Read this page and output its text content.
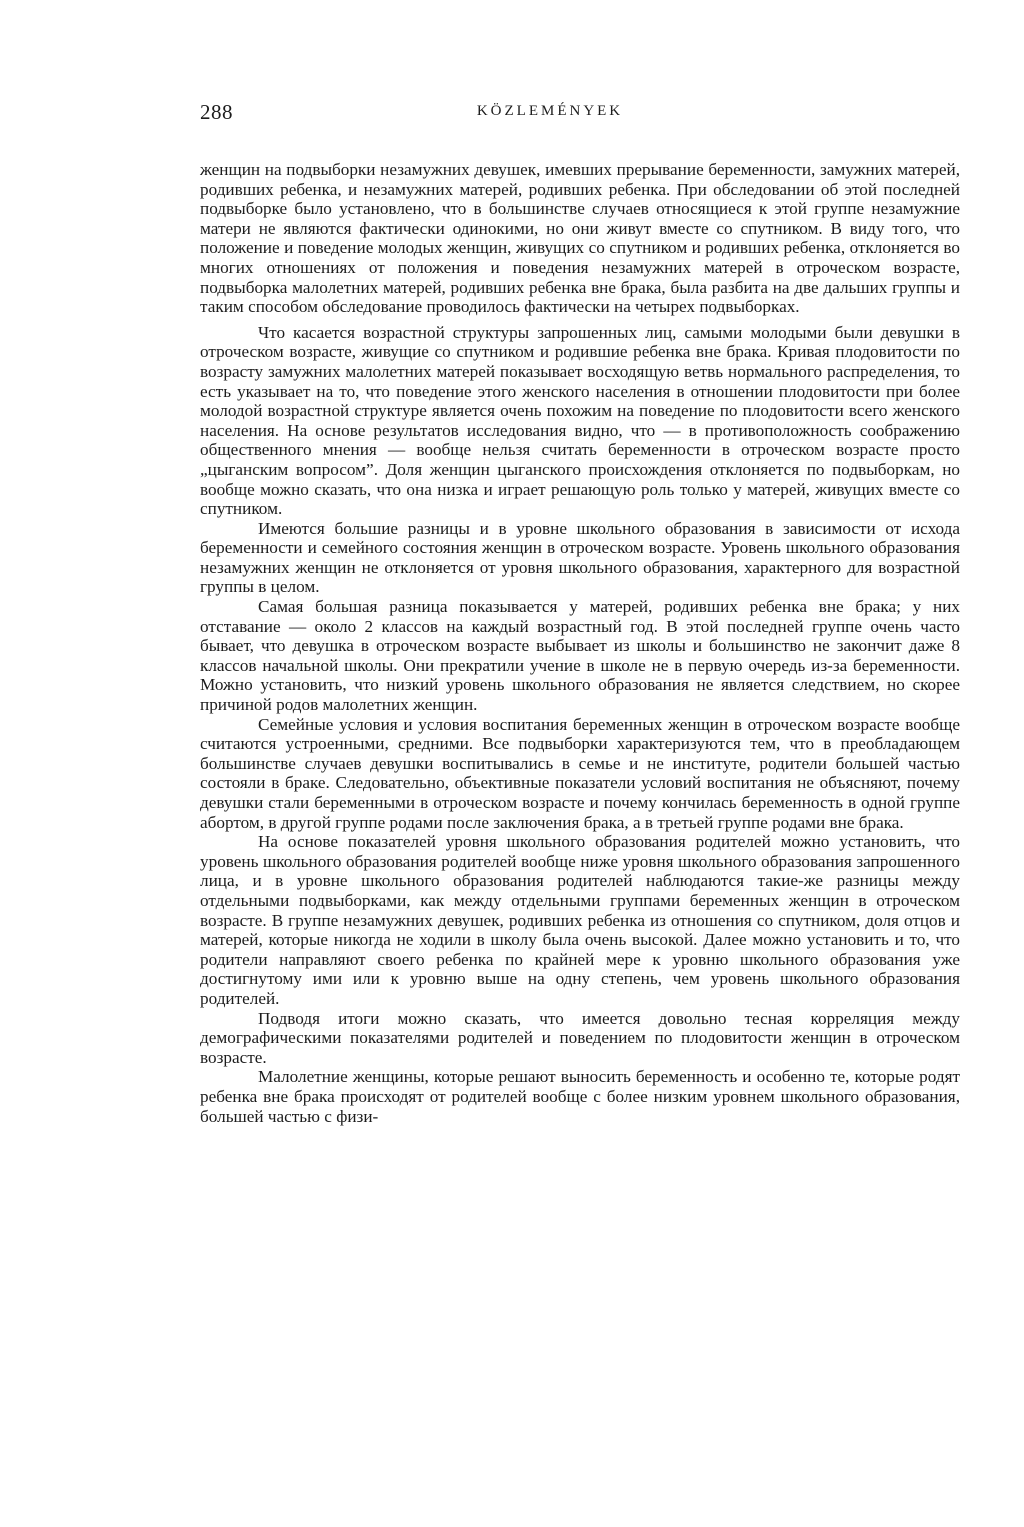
288	KÖZLEMÉNYEK

женщин на подвыборки незамужних девушек, имевших прерывание беременности, замужних матерей, родивших ребенка, и незамужних матерей, родивших ребенка. При обследовании об этой последней подвыборке было установлено, что в большинстве случаев относящиеся к этой группе незамужние матери не являются фактически одинокими, но они живут вместе со спутником. В виду того, что положение и поведение молодых женщин, живущих со спутником и родивших ребенка, отклоняется во многих отношениях от положения и поведения незамужних матерей в отроческом возрасте, подвыборка малолетних матерей, родивших ребенка вне брака, была разбита на две дальших группы и таким способом обследование проводилось фактически на четырех подвыборках.

Что касается возрастной структуры запрошенных лиц, самыми молодыми были девушки в отроческом возрасте, живущие со спутником и родившие ребенка вне брака. Кривая плодовитости по возрасту замужних малолетних матерей показывает восходящую ветвь нормального распределения, то есть указывает на то, что поведение этого женского населения в отношении плодовитости при более молодой возрастной структуре является очень похожим на поведение по плодовитости всего женского населения. На основе результатов исследования видно, что — в противоположность соображению общественного мнения — вообще нельзя считать беременности в отроческом возрасте просто „цыганским вопросом”. Доля женщин цыганского происхождения отклоняется по подвыборкам, но вообще можно сказать, что она низка и играет решающую роль только у матерей, живущих вместе со спутником.

Имеются большие разницы и в уровне школьного образования в зависимости от исхода беременности и семейного состояния женщин в отроческом возрасте. Уровень школьного образования незамужних женщин не отклоняется от уровня школьного образования, характерного для возрастной группы в целом.

Самая большая разница показывается у матерей, родивших ребенка вне брака; у них отставание — около 2 классов на каждый возрастный год. В этой последней группе очень часто бывает, что девушка в отроческом возрасте выбывает из школы и большинство не закончит даже 8 классов начальной школы. Они прекратили учение в школе не в первую очередь из-за беременности. Можно установить, что низкий уровень школьного образования не является следствием, но скорее причиной родов малолетних женщин.

Семейные условия и условия воспитания беременных женщин в отроческом возрасте вообще считаются устроенными, средними. Все подвыборки характеризуются тем, что в преобладающем большинстве случаев девушки воспитывались в семье и не институте, родители большей частью состояли в браке. Следовательно, объективные показатели условий воспитания не объясняют, почему девушки стали беременными в отроческом возрасте и почему кончилась беременность в одной группе абортом, в другой группе родами после заключения брака, а в третьей группе родами вне брака.

На основе показателей уровня школьного образования родителей можно установить, что уровень школьного образования родителей вообще ниже уровня школьного образования запрошенного лица, и в уровне школьного образования родителей наблюдаются такие-же разницы между отдельными подвыборками, как между отдельными группами беременных женщин в отроческом возрасте. В группе незамужних девушек, родивших ребенка из отношения со спутником, доля отцов и матерей, которые никогда не ходили в школу была очень высокой. Далее можно установить и то, что родители направляют своего ребенка по крайней мере к уровню школьного образования уже достигнутому ими или к уровню выше на одну степень, чем уровень школьного образования родителей.

Подводя итоги можно сказать, что имеется довольно тесная корреляция между демографическими показателями родителей и поведением по плодовитости женщин в отроческом возрасте.

Малолетние женщины, которые решают выносить беременность и особенно те, которые родят ребенка вне брака происходят от родителей вообще с более низким уровнем школьного образования, большей частью с физи-
